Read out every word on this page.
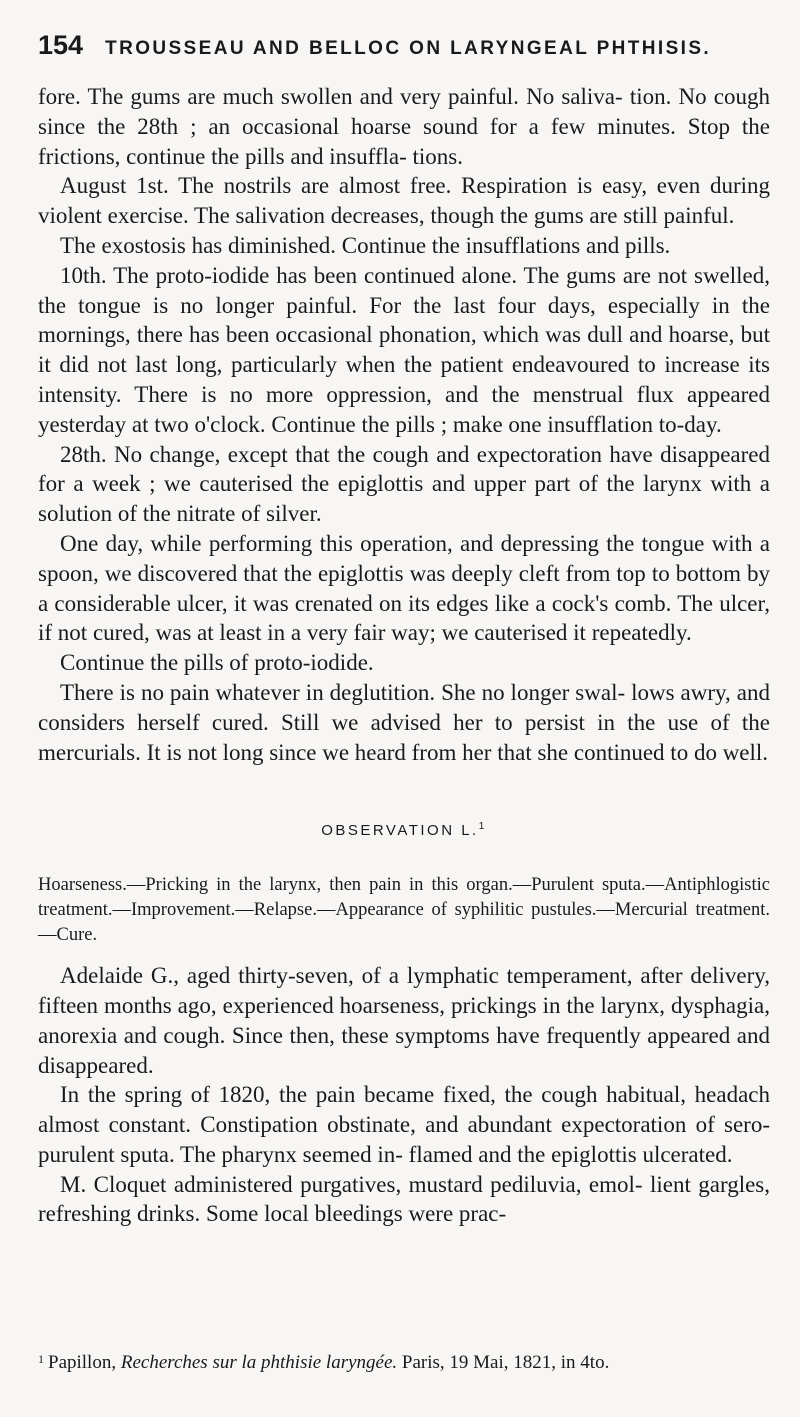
154 TROUSSEAU AND BELLOC ON LARYNGEAL PHTHISIS.

fore. The gums are much swollen and very painful. No saliva- tion. No cough since the 28th ; an occasional hoarse sound for a few minutes. Stop the frictions, continue the pills and insuffla- tions.

August 1st. The nostrils are almost free. Respiration is easy, even during violent exercise. The salivation decreases, though the gums are still painful.

The exostosis has diminished. Continue the insufflations and pills.

10th. The proto-iodide has been continued alone. The gums are not swelled, the tongue is no longer painful. For the last four days, especially in the mornings, there has been occasional phonation, which was dull and hoarse, but it did not last long, particularly when the patient endeavoured to increase its intensity. There is no more oppression, and the menstrual flux appeared yesterday at two o'clock. Continue the pills ; make one insufflation to-day.

28th. No change, except that the cough and expectoration have disappeared for a week ; we cauterised the epiglottis and upper part of the larynx with a solution of the nitrate of silver.

One day, while performing this operation, and depressing the tongue with a spoon, we discovered that the epiglottis was deeply cleft from top to bottom by a considerable ulcer, it was crenated on its edges like a cock's comb. The ulcer, if not cured, was at least in a very fair way; we cauterised it repeatedly.

Continue the pills of proto-iodide.

There is no pain whatever in deglutition. She no longer swal- lows awry, and considers herself cured. Still we advised her to persist in the use of the mercurials. It is not long since we heard from her that she continued to do well.

OBSERVATION L.$^1$
Hoarseness.—Pricking in the larynx, then pain in this organ.—Purulent sputa.—Antiphlogistic treatment.—Improvement.—Relapse.—Appearance of syphilitic pustules.—Mercurial treatment.—Cure.

Adelaide G., aged thirty-seven, of a lymphatic temperament, after delivery, fifteen months ago, experienced hoarseness, prickings in the larynx, dysphagia, anorexia and cough. Since then, these symptoms have frequently appeared and disappeared.

In the spring of 1820, the pain became fixed, the cough habitual, headach almost constant. Constipation obstinate, and abundant expectoration of sero-purulent sputa. The pharynx seemed in- flamed and the epiglottis ulcerated.

M. Cloquet administered purgatives, mustard pediluvia, emol- lient gargles, refreshing drinks. Some local bleedings were prac-

$^1$ Papillon, Recherches sur la phthisie laryngée. Paris, 19 Mai, 1821, in 4to.
